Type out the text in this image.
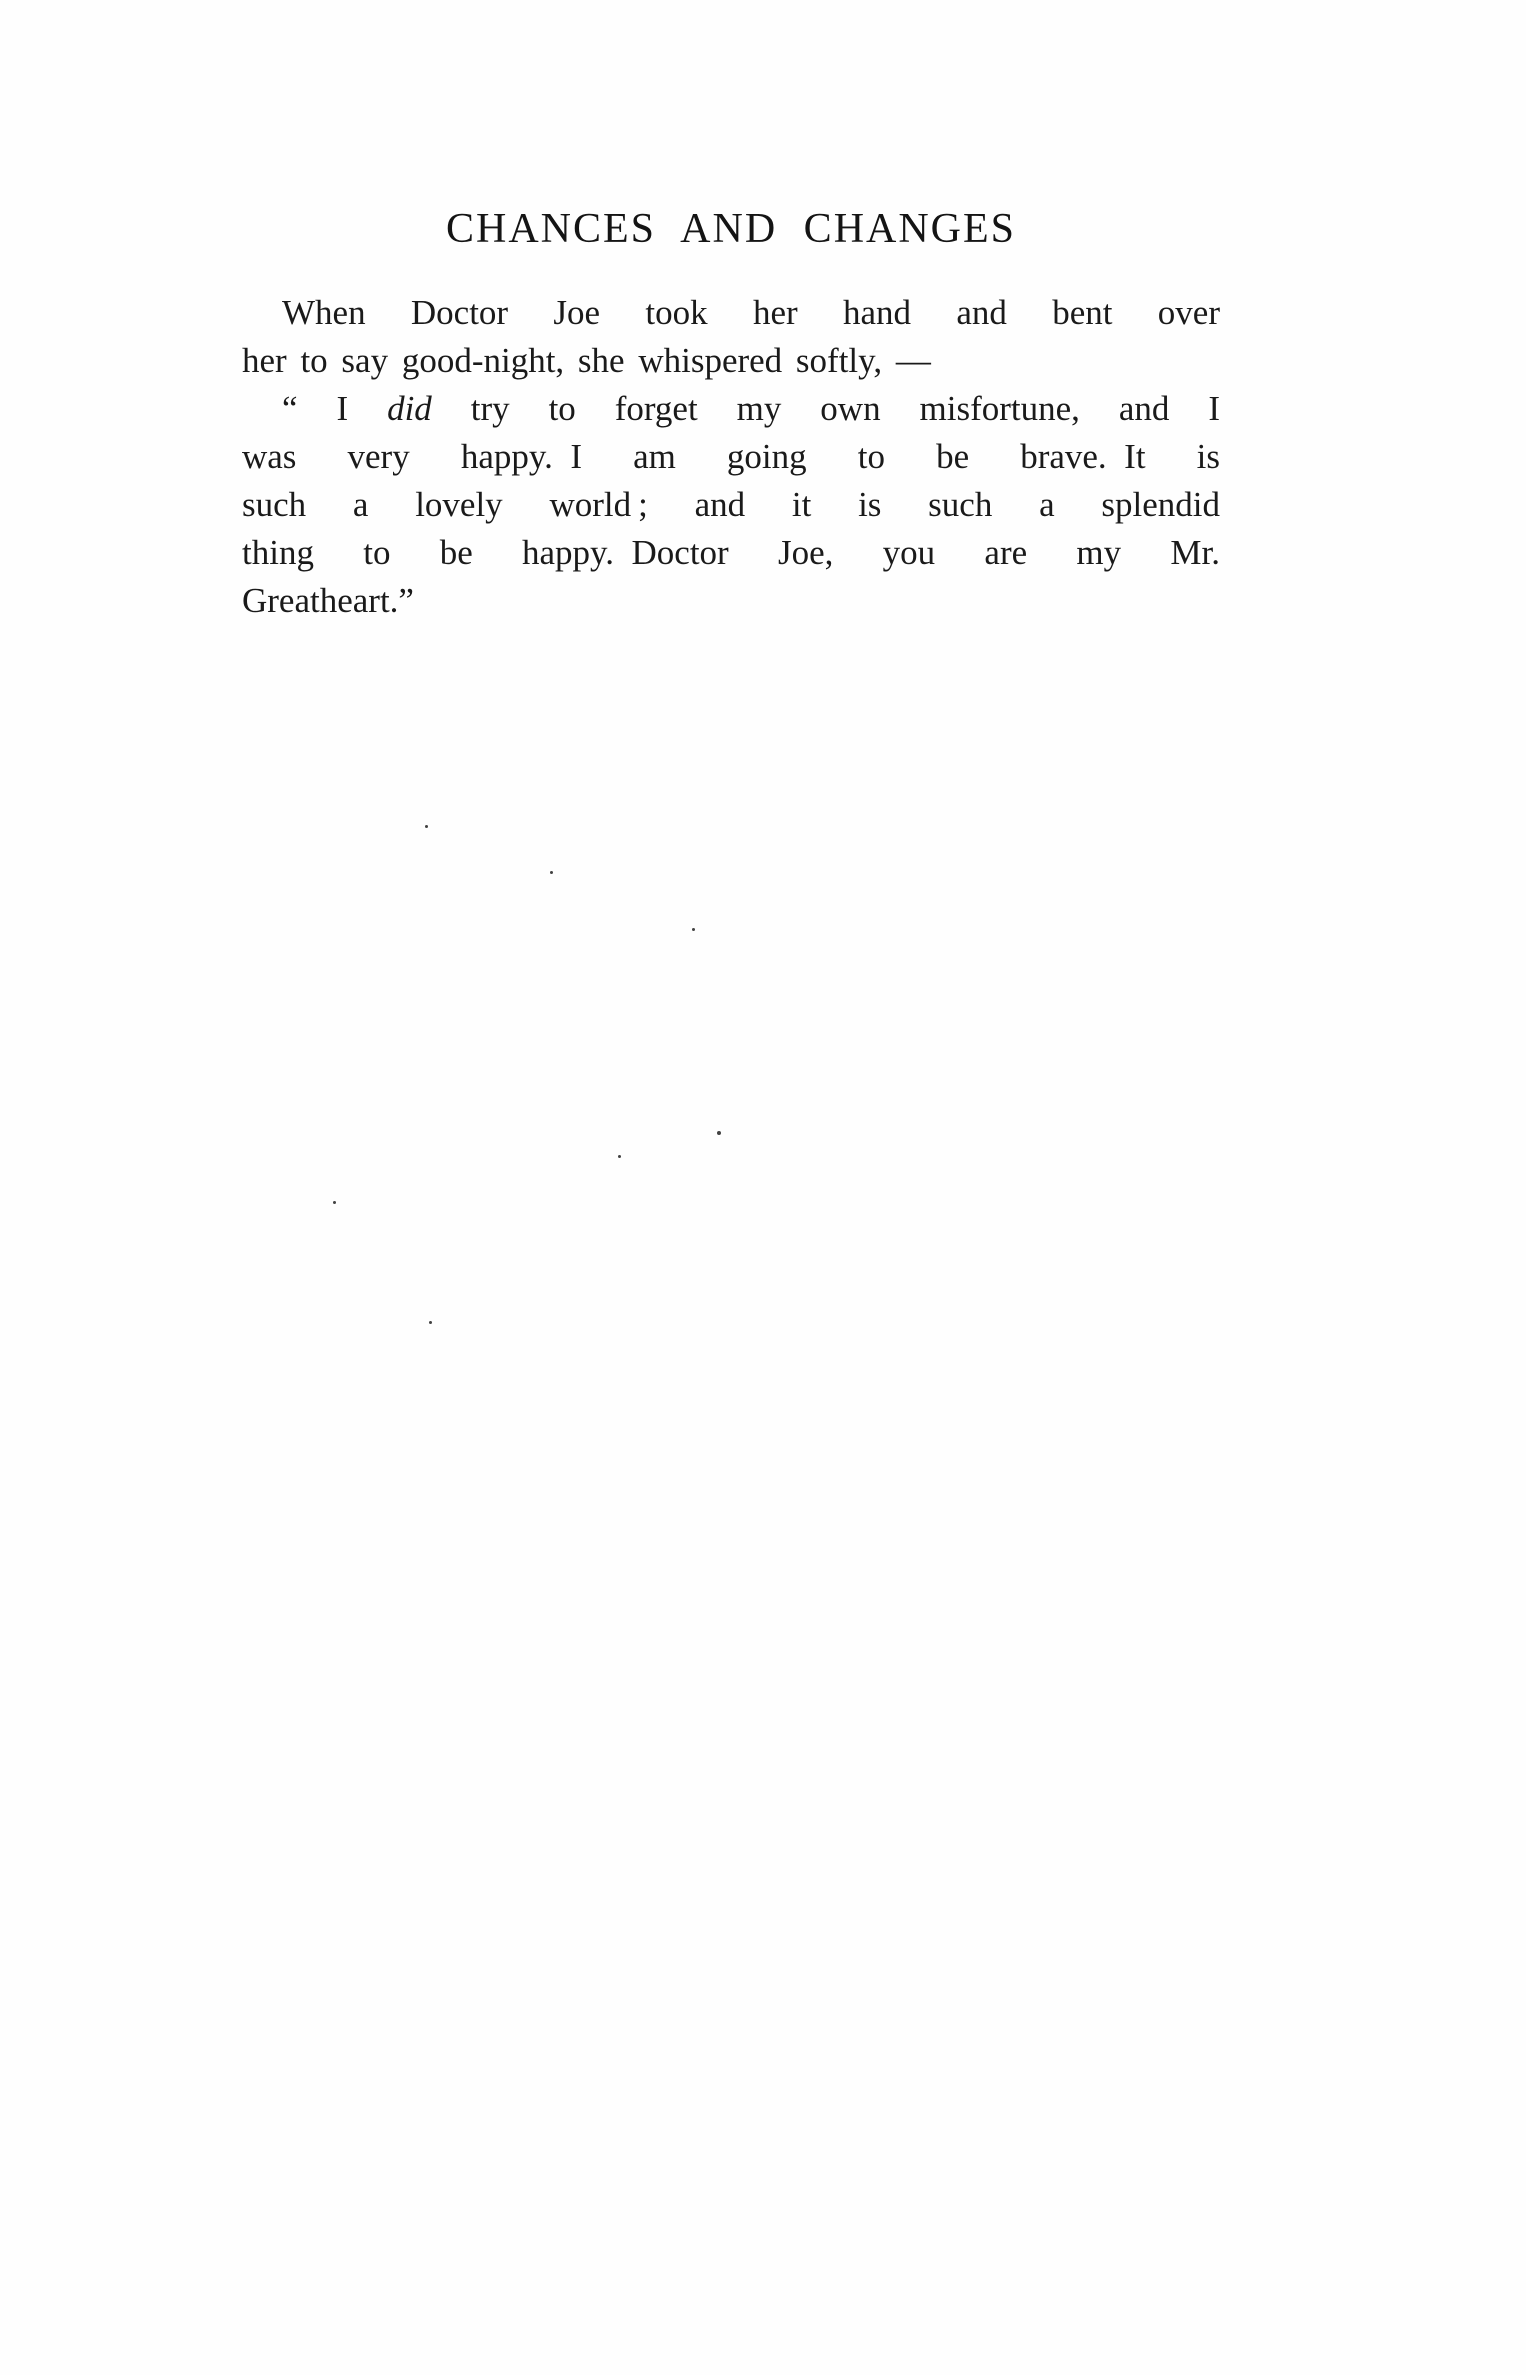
CHANCES AND CHANGES
When Doctor Joe took her hand and bent over
her to say good-night, she whispered softly, —
“ I did try to forget my own misfortune, and I
was very happy. I am going to be brave. It is
such a lovely world ; and it is such a splendid
thing to be happy. Doctor Joe, you are my Mr.
Greatheart.”
